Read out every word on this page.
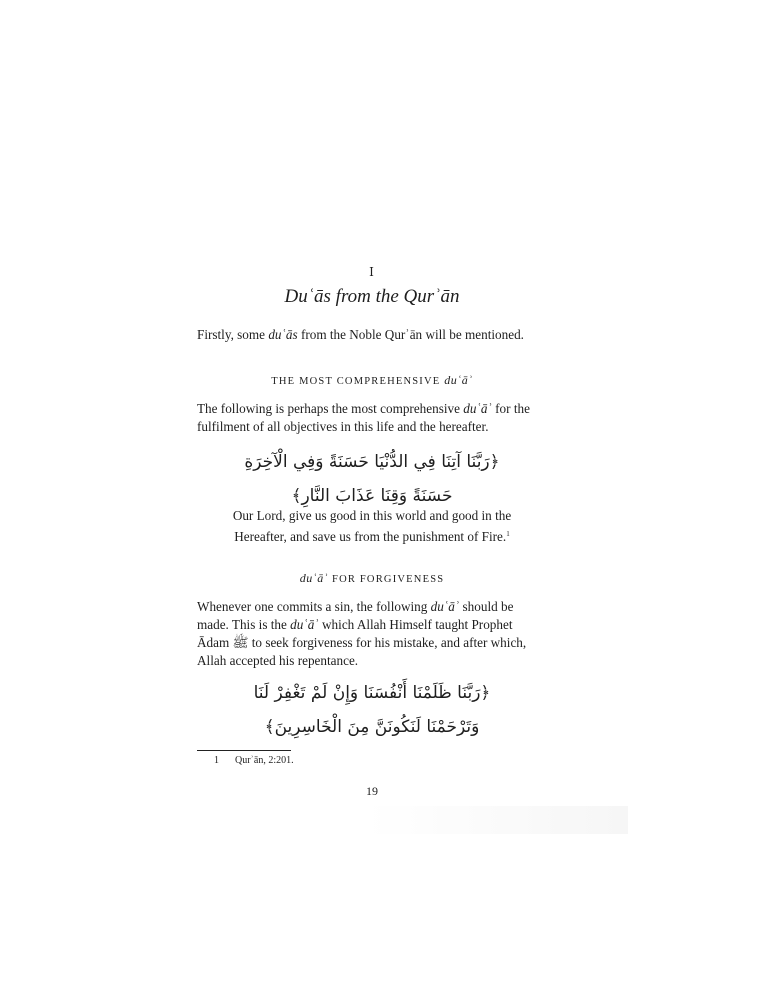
I
Duʿās from the Qurʾān

Firstly, some duʿās from the Noble Qurʾān will be mentioned.

THE MOST COMPREHENSIVE duʿāʾ

The following is perhaps the most comprehensive duʿāʾ for the fulfilment of all objectives in this life and the hereafter.

﴿رَبَّنَا آتِنَا فِي الدُّنْيَا حَسَنَةً وَفِي الْآخِرَةِ
حَسَنَةً وَقِنَا عَذَابَ النَّارِ﴾
Our Lord, give us good in this world and good in the
Hereafter, and save us from the punishment of Fire.$^1$
duʿāʾ FOR FORGIVENESS

Whenever one commits a sin, the following duʿāʾ should be made. This is the duʿāʾ which Allah Himself taught Prophet Ādam ﷺ to seek forgiveness for his mistake, and after which, Allah accepted his repentance.

﴿رَبَّنَا ظَلَمْنَا أَنْفُسَنَا وَإِنْ لَمْ تَغْفِرْ لَنَا
وَتَرْحَمْنَا لَنَكُونَنَّ مِنَ الْخَاسِرِينَ﴾
1 Qurʾān, 2:201.
19
